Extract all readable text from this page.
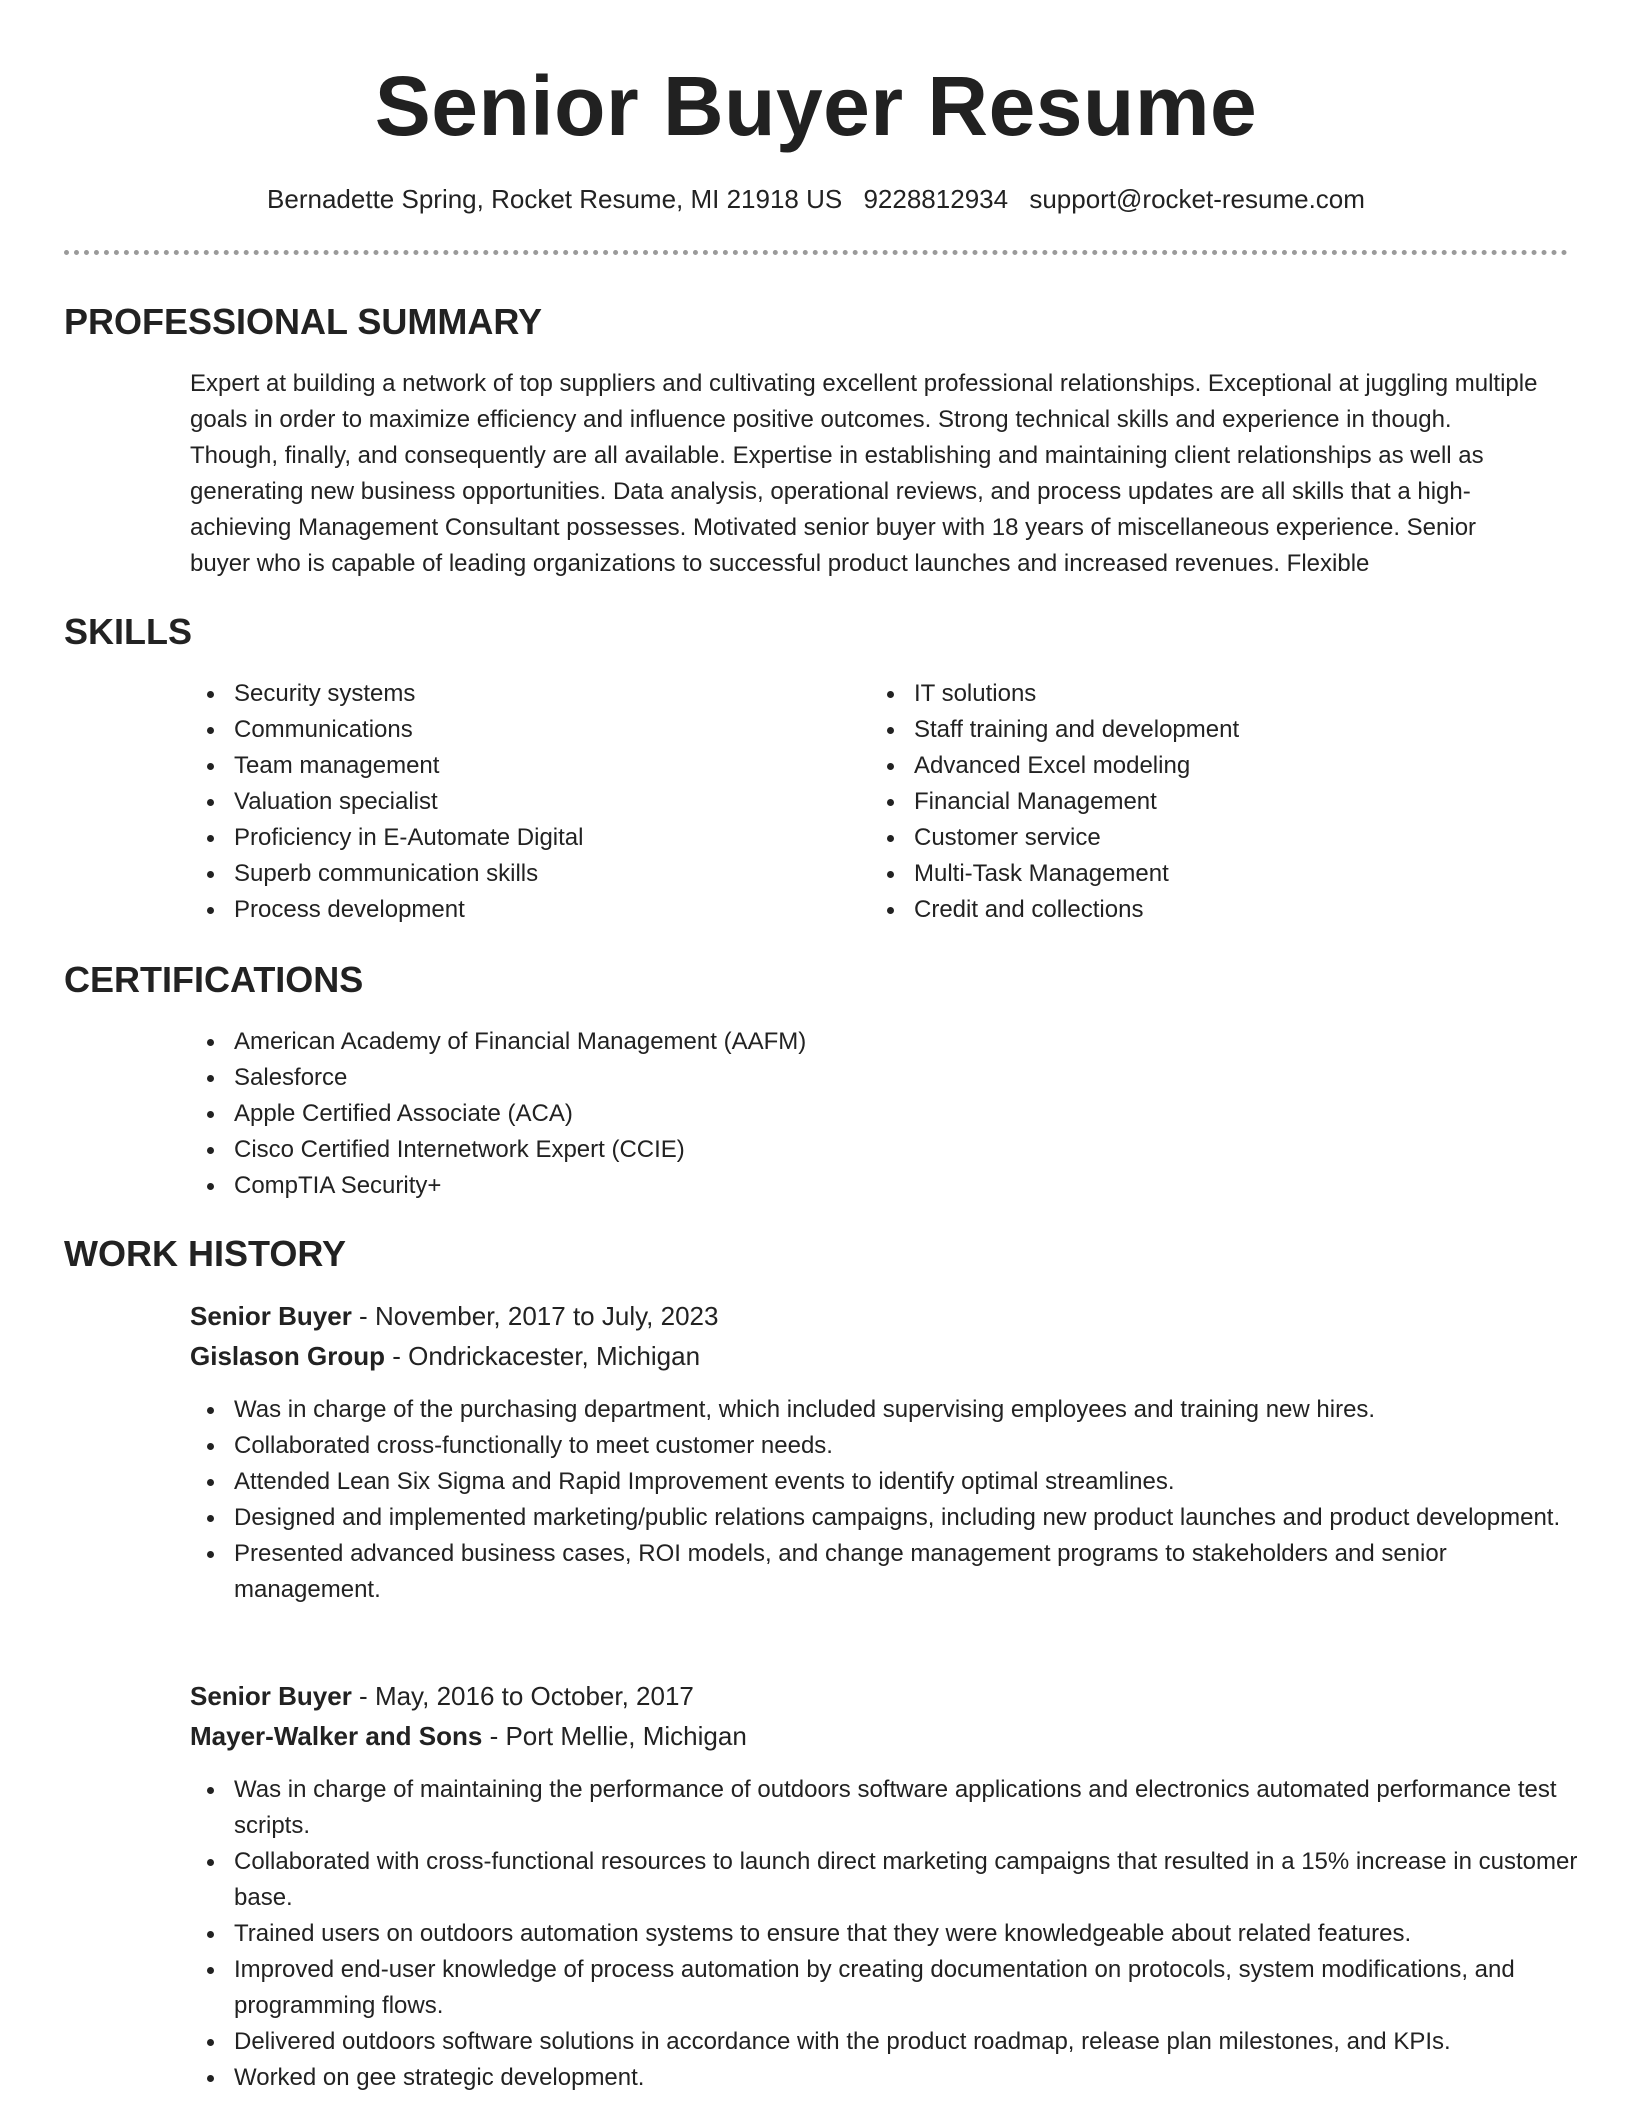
Senior Buyer Resume
Bernadette Spring, Rocket Resume, MI 21918 US 9228812934 support@rocket-resume.com
PROFESSIONAL SUMMARY
Expert at building a network of top suppliers and cultivating excellent professional relationships. Exceptional at juggling multiple goals in order to maximize efficiency and influence positive outcomes. Strong technical skills and experience in though. Though, finally, and consequently are all available. Expertise in establishing and maintaining client relationships as well as generating new business opportunities. Data analysis, operational reviews, and process updates are all skills that a high-achieving Management Consultant possesses. Motivated senior buyer with 18 years of miscellaneous experience. Senior buyer who is capable of leading organizations to successful product launches and increased revenues. Flexible
SKILLS
Security systems
Communications
Team management
Valuation specialist
Proficiency in E-Automate Digital
Superb communication skills
Process development
IT solutions
Staff training and development
Advanced Excel modeling
Financial Management
Customer service
Multi-Task Management
Credit and collections
CERTIFICATIONS
American Academy of Financial Management (AAFM)
Salesforce
Apple Certified Associate (ACA)
Cisco Certified Internetwork Expert (CCIE)
CompTIA Security+
WORK HISTORY
Senior Buyer - November, 2017 to July, 2023
Gislason Group - Ondrickacester, Michigan
Was in charge of the purchasing department, which included supervising employees and training new hires.
Collaborated cross-functionally to meet customer needs.
Attended Lean Six Sigma and Rapid Improvement events to identify optimal streamlines.
Designed and implemented marketing/public relations campaigns, including new product launches and product development.
Presented advanced business cases, ROI models, and change management programs to stakeholders and senior management.
Senior Buyer - May, 2016 to October, 2017
Mayer-Walker and Sons - Port Mellie, Michigan
Was in charge of maintaining the performance of outdoors software applications and electronics automated performance test scripts.
Collaborated with cross-functional resources to launch direct marketing campaigns that resulted in a 15% increase in customer base.
Trained users on outdoors automation systems to ensure that they were knowledgeable about related features.
Improved end-user knowledge of process automation by creating documentation on protocols, system modifications, and programming flows.
Delivered outdoors software solutions in accordance with the product roadmap, release plan milestones, and KPIs.
Worked on gee strategic development.
